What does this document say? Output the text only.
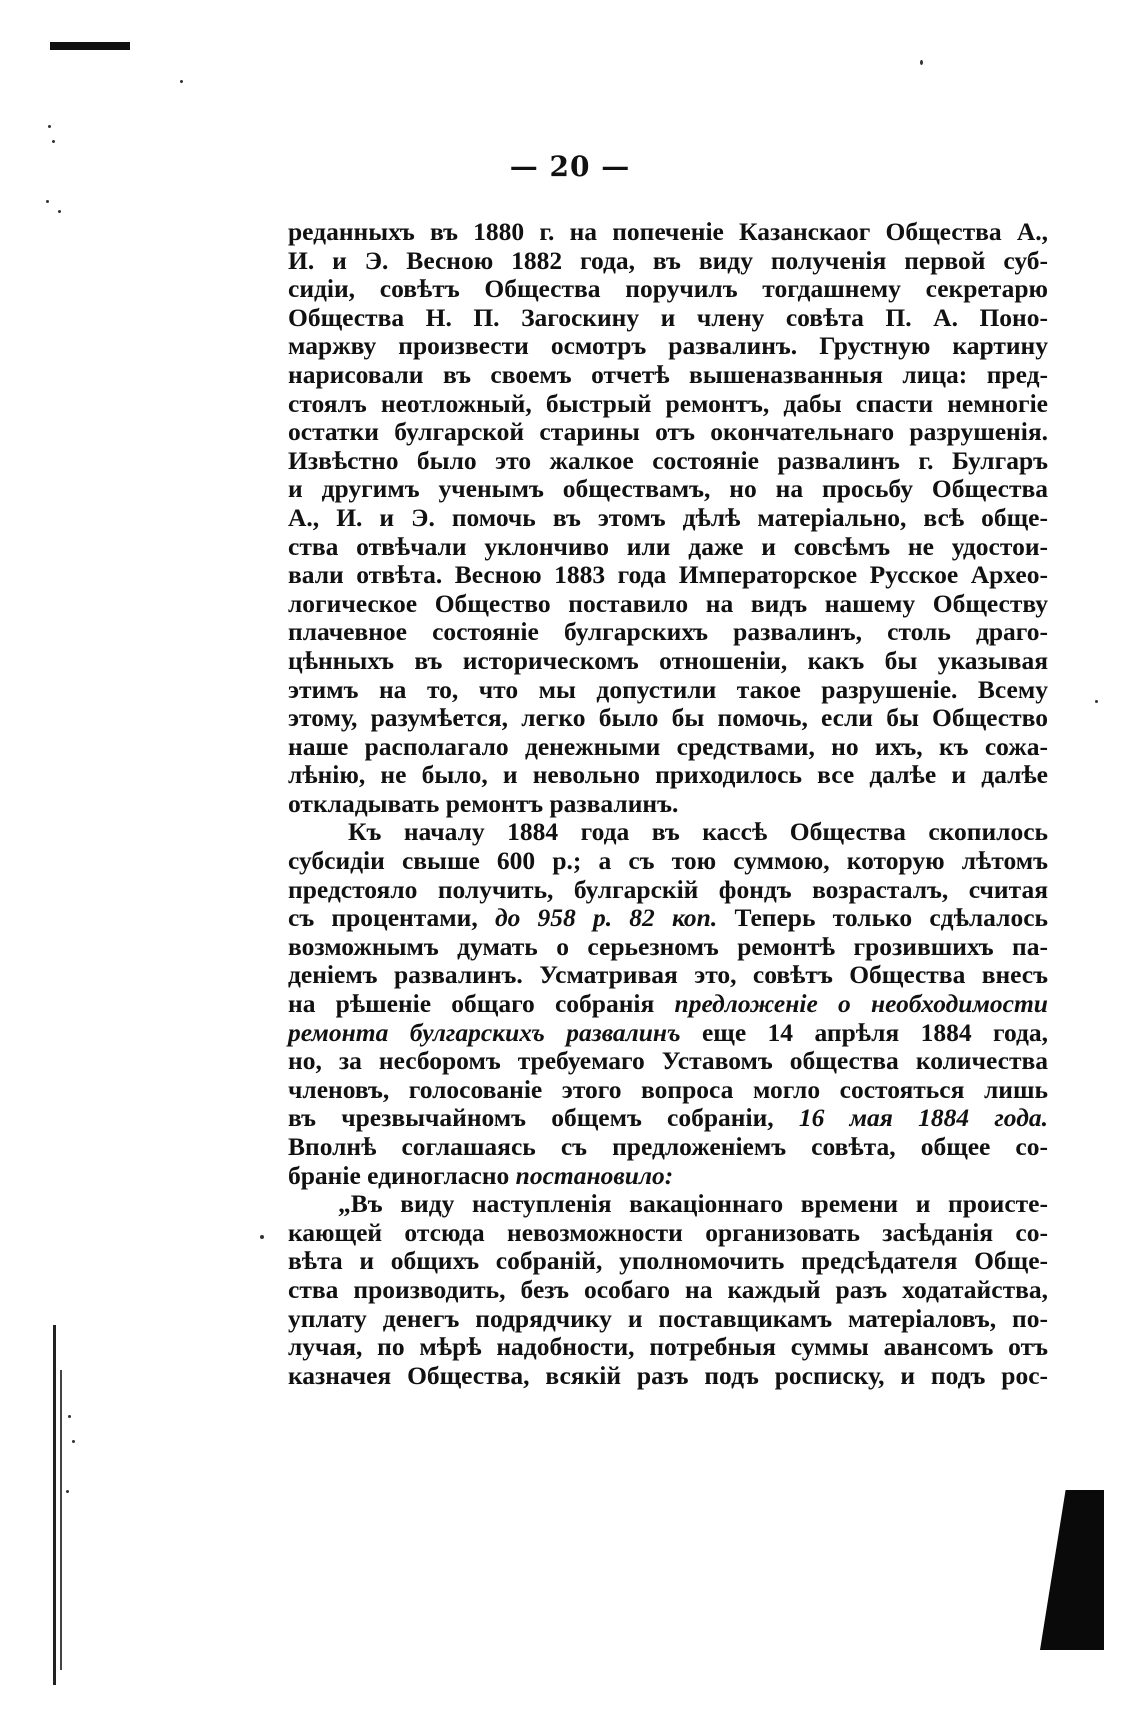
— 20 —
реданныхъ въ 1880 г. на попеченіе Казанскаог Общества А.,
И. и Э. Весною 1882 года, въ виду полученія первой суб-
сидіи, совѣтъ Общества поручилъ тогдашнему секретарю
Общества Н. П. Загоскину и члену совѣта П. А. Поно-
маржву произвести осмотръ развалинъ. Грустную картину
нарисовали въ своемъ отчетѣ вышеназванныя лица: пред-
стоялъ неотложный, быстрый ремонтъ, дабы спасти немногіе
остатки булгарской старины отъ окончательнаго разрушенія.
Извѣстно было это жалкое состояніе развалинъ г. Булгаръ
и другимъ ученымъ обществамъ, но на просьбу Общества
А., И. и Э. помочь въ этомъ дѣлѣ матеріально, всѣ обще-
ства отвѣчали уклончиво или даже и совсѣмъ не удостои-
вали отвѣта. Весною 1883 года Императорское Русское Архео-
логическое Общество поставило на видъ нашему Обществу
плачевное состояніе булгарскихъ развалинъ, столь драго-
цѣнныхъ въ историческомъ отношеніи, какъ бы указывая
этимъ на то, что мы допустили такое разрушеніе. Всему
этому, разумѣется, легко было бы помочь, если бы Общество
наше располагало денежными средствами, но ихъ, къ сожа-
лѣнію, не было, и невольно приходилось все далѣе и далѣе
откладывать ремонтъ развалинъ.
Къ началу 1884 года въ кассѣ Общества скопилось
субсидіи свыше 600 р.; а съ тою суммою, которую лѣтомъ
предстояло получить, булгарскій фондъ возрасталъ, считая
съ процентами, до 958 р. 82 коп. Теперь только сдѣлалось
возможнымъ думать о серьезномъ ремонтѣ грозившихъ па-
деніемъ развалинъ. Усматривая это, совѣтъ Общества внесъ
на рѣшеніе общаго собранія предложеніе о необходимости
ремонта булгарскихъ развалинъ еще 14 апрѣля 1884 года,
но, за несборомъ требуемаго Уставомъ общества количества
членовъ, голосованіе этого вопроса могло состояться лишь
въ чрезвычайномъ общемъ собраніи, 16 мая 1884 года.
Вполнѣ соглашаясь съ предложеніемъ совѣта, общее со-
браніе единогласно постановило:
„Въ виду наступленія вакаціоннаго времени и происте-
кающей отсюда невозможности организовать засѣданія со-
вѣта и общихъ собраній, уполномочить предсѣдателя Обще-
ства производить, безъ особаго на каждый разъ ходатайства,
уплату денегъ подрядчику и поставщикамъ матеріаловъ, по-
лучая, по мѣрѣ надобности, потребныя суммы авансомъ отъ
казначея Общества, всякій разъ подъ росписку, и подъ рос-
